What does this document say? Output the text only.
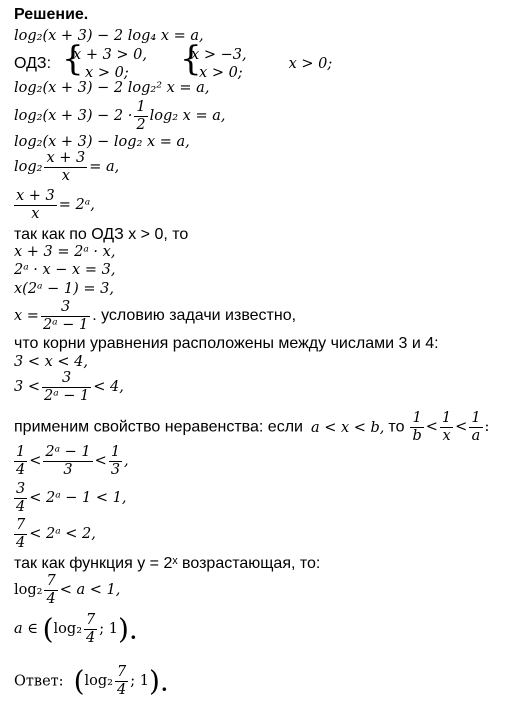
Решение.
log₂(x + 3) − 2 log₄ x = a,
ОДЗ:
{ x + 3 > 0,
x > 0;

{ x > −3,
x > 0;
x > 0;
log₂(x + 3) − 2 log₂² x = a,
$\log_2(x + 3) - 2 \cdot \frac{1}{2} \log_2$ x = a,
log₂(x + 3) − log₂ x = a,
$\log_2 \frac{x + 3}{x} = a$,
$\frac{x + 3}{x}$ = 2ᵃ,
так как по ОДЗ х > 0, то
x + 3 = 2ᵃ · x,
2ᵃ · x − x = 3,
x(2ᵃ − 1) = 3,
$x = \frac{3}{\text{2ᵃ − 1}}$ . условию задачи известно,
что корни уравнения расположены между числами 3 и 4:
3 < x < 4,
$3 < \frac{3}{\text{2ᵃ − 1}} < 4$,
применим свойство неравенства: если a < x < b, то $\frac{1}{b} < \frac{1}{x} < \frac{1}{a}$ :
$\frac{1}{4} < \frac{\text{2ᵃ − 1}}{3} < \frac{1}{3}$ ,
$\frac{3}{4}$ < 2ᵃ − 1 < 1,
$\frac{7}{4}$ < 2ᵃ < 2,
так как функция у = 2ˣ возрастающая, то:
$\log_2 \frac{7}{4} < a < 1$,
a ∈ ($\log_2 \frac{7}{4}$ ; 1).
Ответ: ($\log_2 \frac{7}{4}$ ; 1).
